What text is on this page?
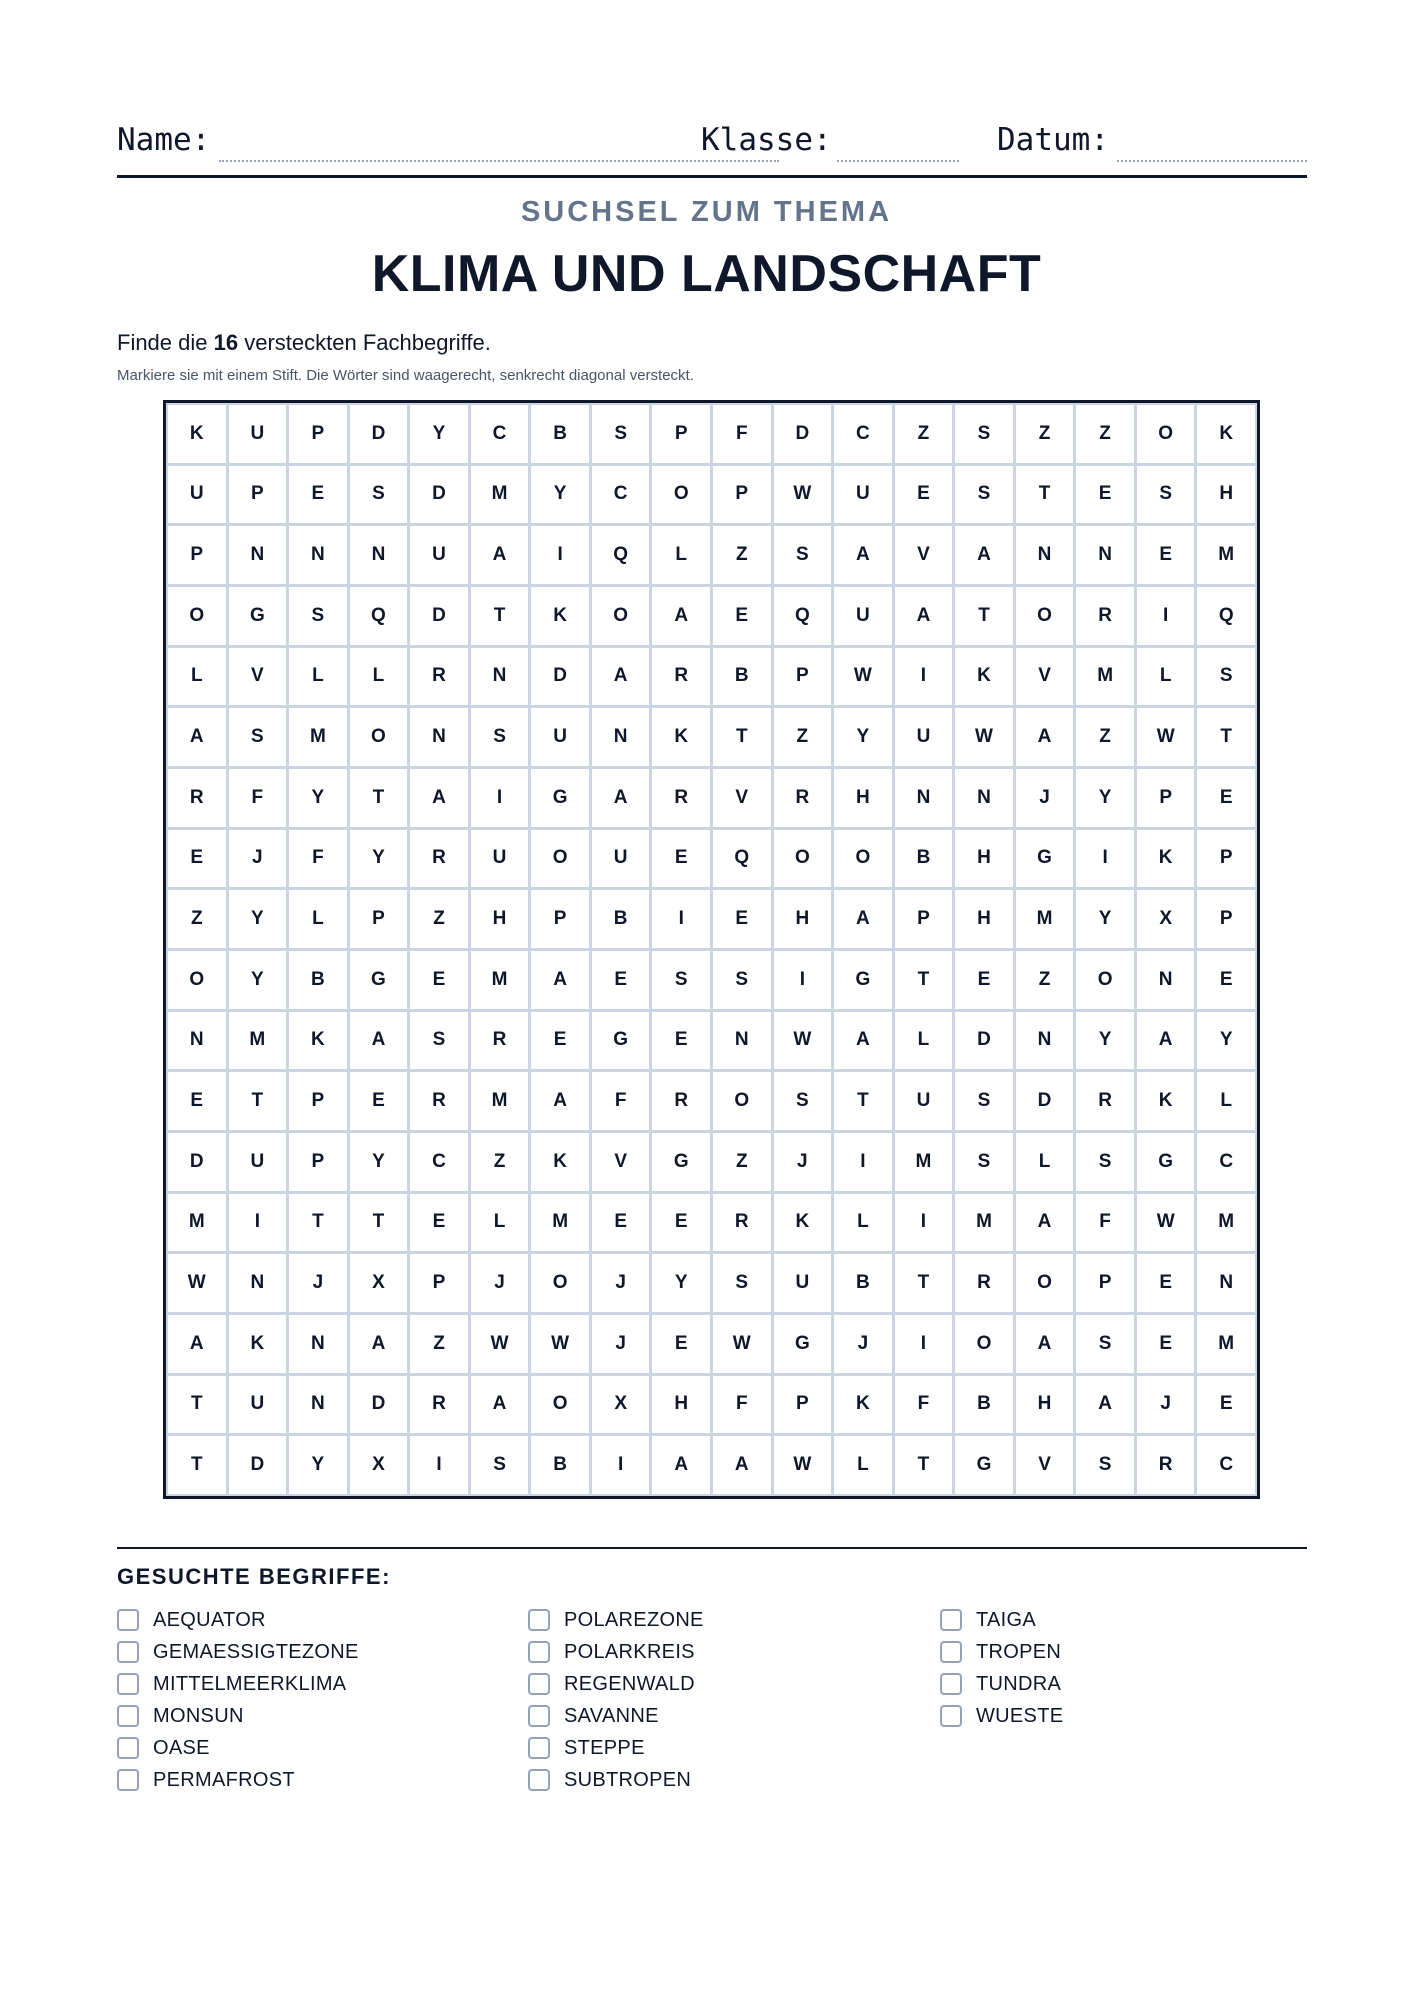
Name:	Klasse:	Datum:
SUCHSEL ZUM THEMA
KLIMA UND LANDSCHAFT
Finde die 16 versteckten Fachbegriffe.
Markiere sie mit einem Stift. Die Wörter sind waagerecht, senkrecht diagonal versteckt.
K	U	P	D	Y	C	B	S	P	F	D	C	Z	S	Z	Z	O	K
U	P	E	S	D	M	Y	C	O	P	W	U	E	S	T	E	S	H
P	N	N	N	U	A	I	Q	L	Z	S	A	V	A	N	N	E	M
O	G	S	Q	D	T	K	O	A	E	Q	U	A	T	O	R	I	Q
L	V	L	L	R	N	D	A	R	B	P	W	I	K	V	M	L	S
A	S	M	O	N	S	U	N	K	T	Z	Y	U	W	A	Z	W	T
R	F	Y	T	A	I	G	A	R	V	R	H	N	N	J	Y	P	E
E	J	F	Y	R	U	O	U	E	Q	O	O	B	H	G	I	K	P
Z	Y	L	P	Z	H	P	B	I	E	H	A	P	H	M	Y	X	P
O	Y	B	G	E	M	A	E	S	S	I	G	T	E	Z	O	N	E
N	M	K	A	S	R	E	G	E	N	W	A	L	D	N	Y	A	Y
E	T	P	E	R	M	A	F	R	O	S	T	U	S	D	R	K	L
D	U	P	Y	C	Z	K	V	G	Z	J	I	M	S	L	S	G	C
M	I	T	T	E	L	M	E	E	R	K	L	I	M	A	F	W	M
W	N	J	X	P	J	O	J	Y	S	U	B	T	R	O	P	E	N
A	K	N	A	Z	W	W	J	E	W	G	J	I	O	A	S	E	M
T	U	N	D	R	A	O	X	H	F	P	K	F	B	H	A	J	E
T	D	Y	X	I	S	B	I	A	A	W	L	T	G	V	S	R	C
GESUCHTE BEGRIFFE:
AEQUATOR
GEMAESSIGTEZONE
MITTELMEERKLIMA
MONSUN
OASE
PERMAFROST
POLAREZONE
POLARKREIS
REGENWALD
SAVANNE
STEPPE
SUBTROPEN
TAIGA
TROPEN
TUNDRA
WUESTE
